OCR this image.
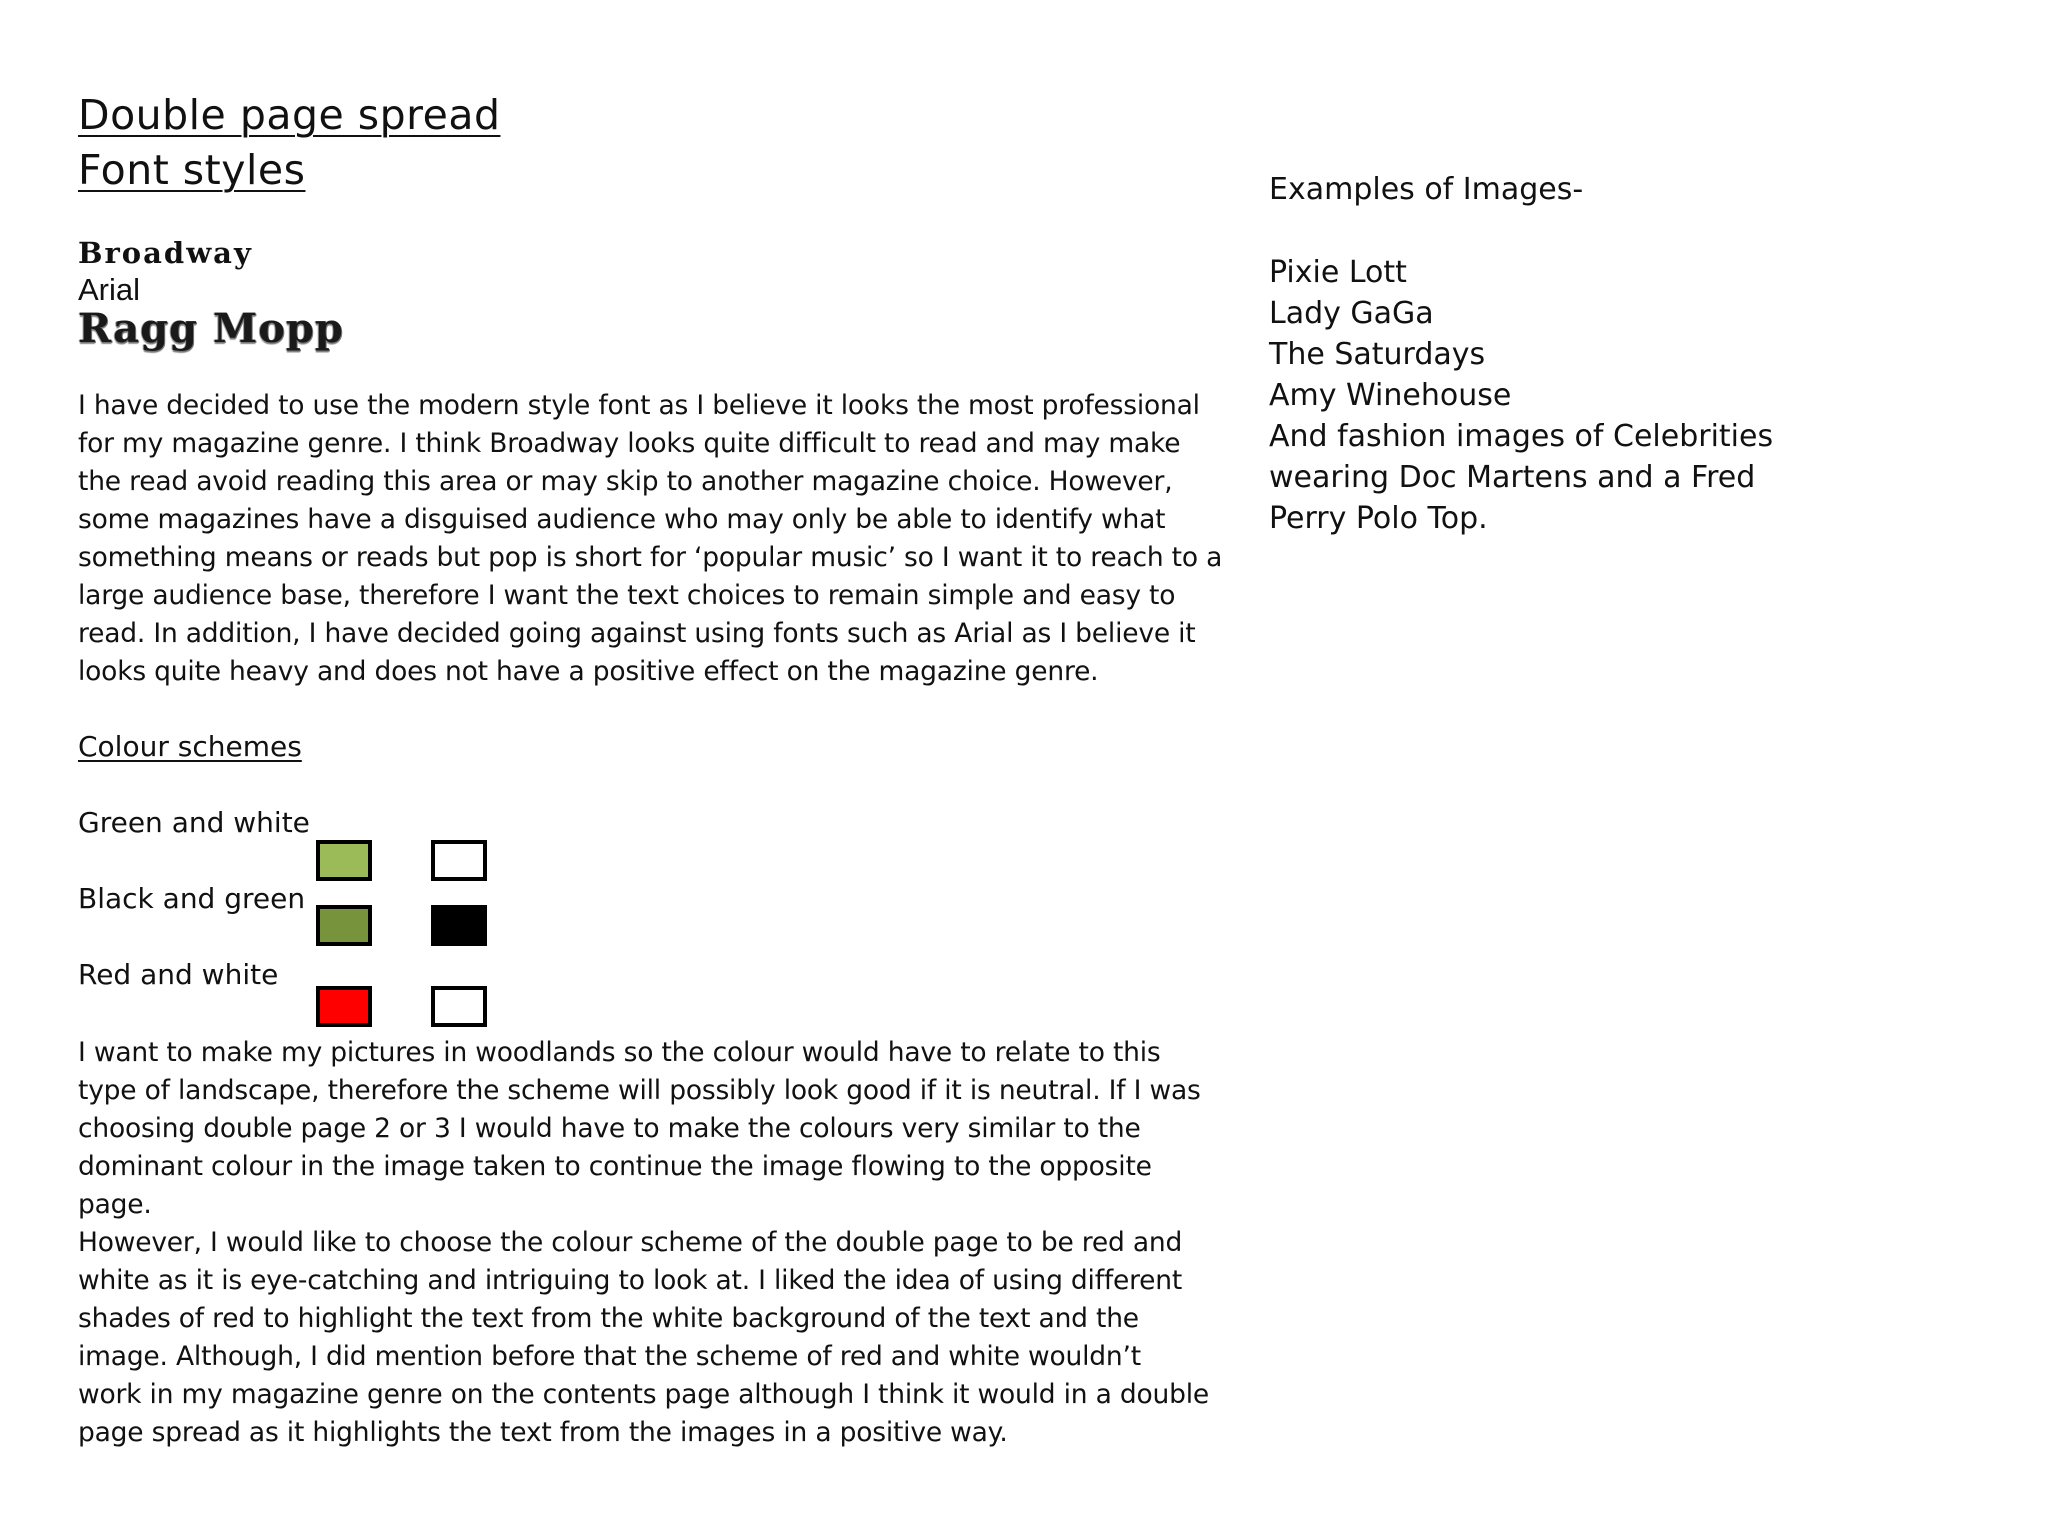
Double page spread
Font styles
Broadway
Arial
Ragg Mopp
I have decided to use the modern style font as I believe it looks the most professional
for my magazine genre. I think Broadway looks quite difficult to read and may make
the read avoid reading this area or may skip to another magazine choice. However,
some magazines have a disguised audience who may only be able to identify what
something means or reads but pop is short for ‘popular music’ so I want it to reach to a
large audience base, therefore I want the text choices to remain simple and easy to
read. In addition, I have decided going against using fonts such as Arial as I believe it
looks quite heavy and does not have a positive effect on the magazine genre.
Colour schemes
Green and white
Black and green
Red and white
I want to make my pictures in woodlands so the colour would have to relate to this
type of landscape, therefore the scheme will possibly look good if it is neutral. If I was
choosing double page 2 or 3 I would have to make the colours very similar to the
dominant colour in the image taken to continue the image flowing to the opposite
page.
However, I would like to choose the colour scheme of the double page to be red and
white as it is eye-catching and intriguing to look at. I liked the idea of using different
shades of red to highlight the text from the white background of the text and the
image. Although, I did mention before that the scheme of red and white wouldn’t
work in my magazine genre on the contents page although I think it would in a double
page spread as it highlights the text from the images in a positive way.
Examples of Images-
Pixie Lott
Lady GaGa
The Saturdays
Amy Winehouse
And fashion images of Celebrities
wearing Doc Martens and a Fred
Perry Polo Top.
